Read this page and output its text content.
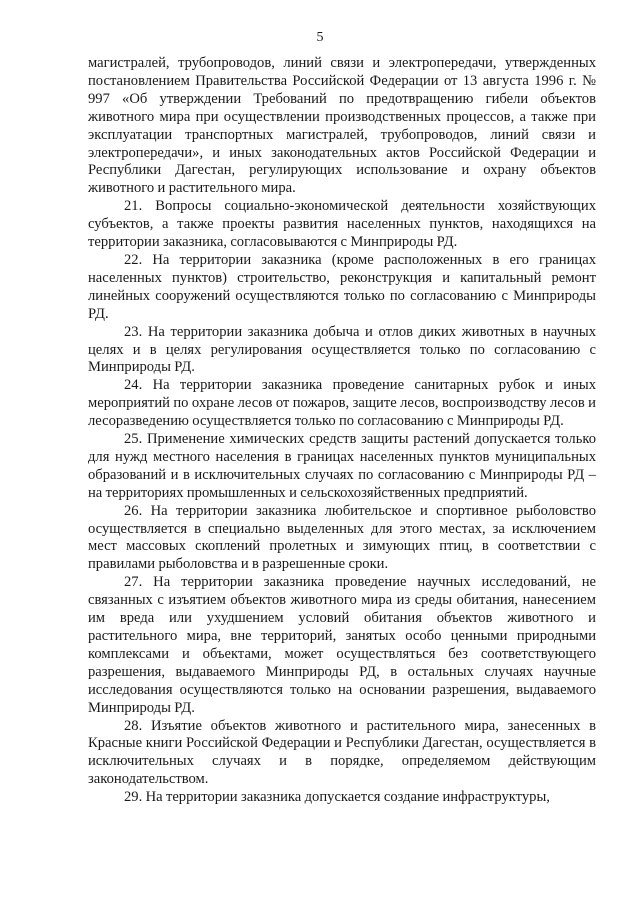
5

магистралей, трубопроводов, линий связи и электропередачи, утвержденных постановлением Правительства Российской Федерации от 13 августа 1996 г. № 997 «Об утверждении Требований по предотвращению гибели объектов животного мира при осуществлении производственных процессов, а также при эксплуатации транспортных магистралей, трубопроводов, линий связи и электропередачи», и иных законодательных актов Российской Федерации и Республики Дагестан, регулирующих использование и охрану объектов животного и растительного мира.

21. Вопросы социально-экономической деятельности хозяйствующих субъектов, а также проекты развития населенных пунктов, находящихся на территории заказника, согласовываются с Минприроды РД.

22. На территории заказника (кроме расположенных в его границах населенных пунктов) строительство, реконструкция и капитальный ремонт линейных сооружений осуществляются только по согласованию с Минприроды РД.

23. На территории заказника добыча и отлов диких животных в научных целях и в целях регулирования осуществляется только по согласованию с Минприроды РД.

24. На территории заказника проведение санитарных рубок и иных мероприятий по охране лесов от пожаров, защите лесов, воспроизводству лесов и лесоразведению осуществляется только по согласованию с Минприроды РД.

25. Применение химических средств защиты растений допускается только для нужд местного населения в границах населенных пунктов муниципальных образований и в исключительных случаях по согласованию с Минприроды РД – на территориях промышленных и сельскохозяйственных предприятий.

26. На территории заказника любительское и спортивное рыболовство осуществляется в специально выделенных для этого местах, за исключением мест массовых скоплений пролетных и зимующих птиц, в соответствии с правилами рыболовства и в разрешенные сроки.

27. На территории заказника проведение научных исследований, не связанных с изъятием объектов животного мира из среды обитания, нанесением им вреда или ухудшением условий обитания объектов животного и растительного мира, вне территорий, занятых особо ценными природными комплексами и объектами, может осуществляться без соответствующего разрешения, выдаваемого Минприроды РД, в остальных случаях научные исследования осуществляются только на основании разрешения, выдаваемого Минприроды РД.

28. Изъятие объектов животного и растительного мира, занесенных в Красные книги Российской Федерации и Республики Дагестан, осуществляется в исключительных случаях и в порядке, определяемом действующим законодательством.

29. На территории заказника допускается создание инфраструктуры,
